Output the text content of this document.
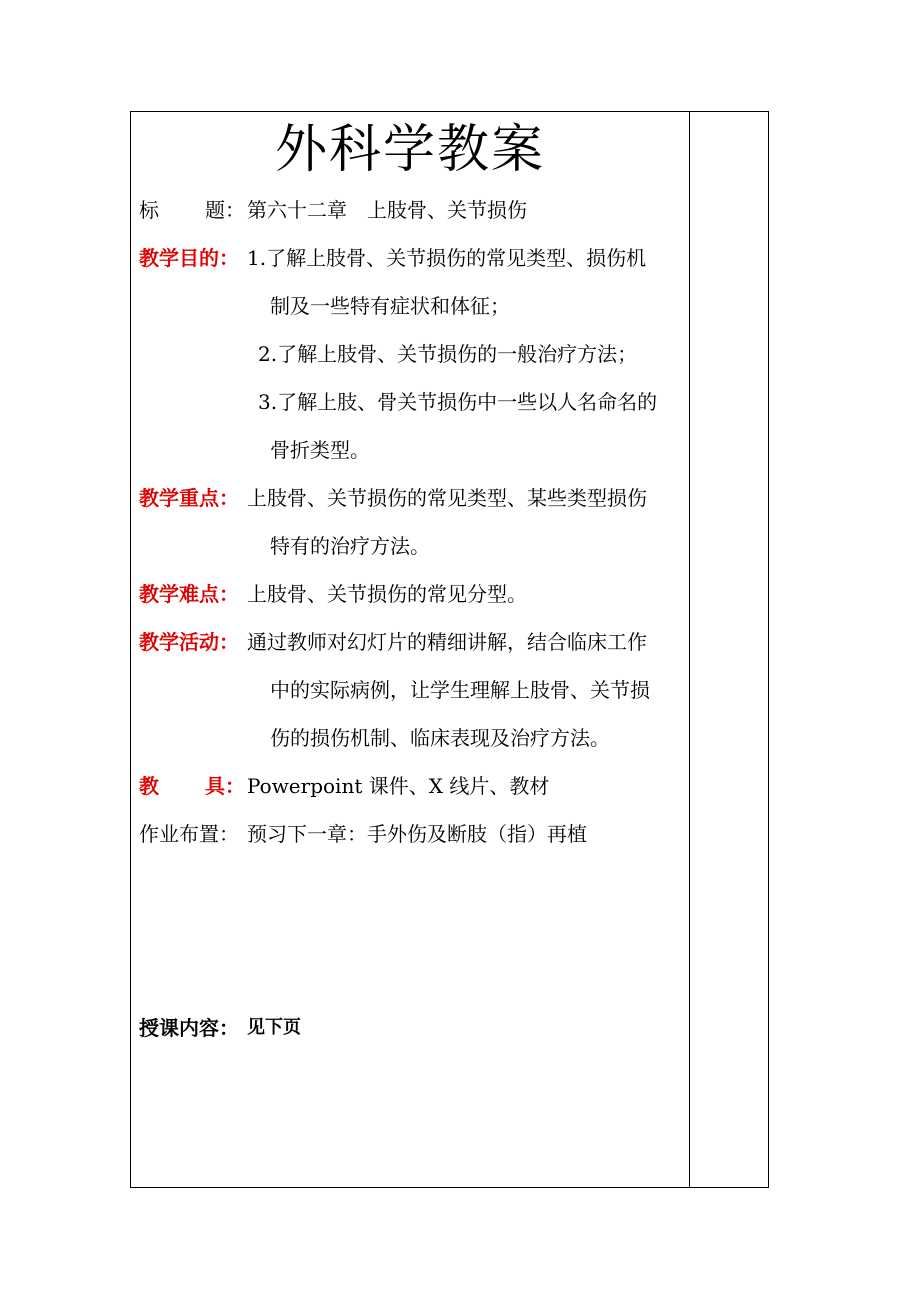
外科学教案
标 题： 第六十二章　上肢骨、关节损伤
教学目的： 1.了解上肢骨、关节损伤的常见类型、损伤机
制及一些特有症状和体征；
2.了解上肢骨、关节损伤的一般治疗方法；
3.了解上肢、骨关节损伤中一些以人名命名的
骨折类型。
教学重点： 上肢骨、关节损伤的常见类型、某些类型损伤
特有的治疗方法。
教学难点： 上肢骨、关节损伤的常见分型。
教学活动： 通过教师对幻灯片的精细讲解，结合临床工作
中的实际病例，让学生理解上肢骨、关节损
伤的损伤机制、临床表现及治疗方法。
教 具： Powerpoint 课件、X 线片、教材
作业布置： 预习下一章：手外伤及断肢（指）再植
授课内容： 见下页
